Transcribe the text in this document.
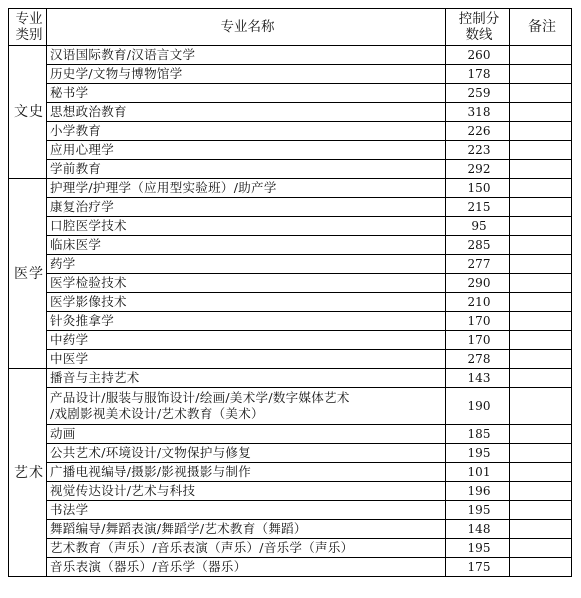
专业
类别	专业名称	控制分
数线	备注
文史	汉语国际教育/汉语言文学	260	
	历史学/文物与博物馆学	178	
	秘书学	259	
	思想政治教育	318	
	小学教育	226	
	应用心理学	223	
	学前教育	292	
医学	护理学/护理学（应用型实验班）/助产学	150	
	康复治疗学	215	
	口腔医学技术	95	
	临床医学	285	
	药学	277	
	医学检验技术	290	
	医学影像技术	210	
	针灸推拿学	170	
	中药学	170	
	中医学	278	
艺术	播音与主持艺术	143	

	产品设计/服装与服饰设计/绘画/美术学/数字媒体艺术
/戏剧影视美术设计/艺术教育（美术）	190	
	动画	185	
	公共艺术/环境设计/文物保护与修复	195	
	广播电视编导/摄影/影视摄影与制作	101	
	视觉传达设计/艺术与科技	196	
	书法学	195	
	舞蹈编导/舞蹈表演/舞蹈学/艺术教育（舞蹈）	148	
	艺术教育（声乐）/音乐表演（声乐）/音乐学（声乐）	195	
	音乐表演（器乐）/音乐学（器乐）	175	
